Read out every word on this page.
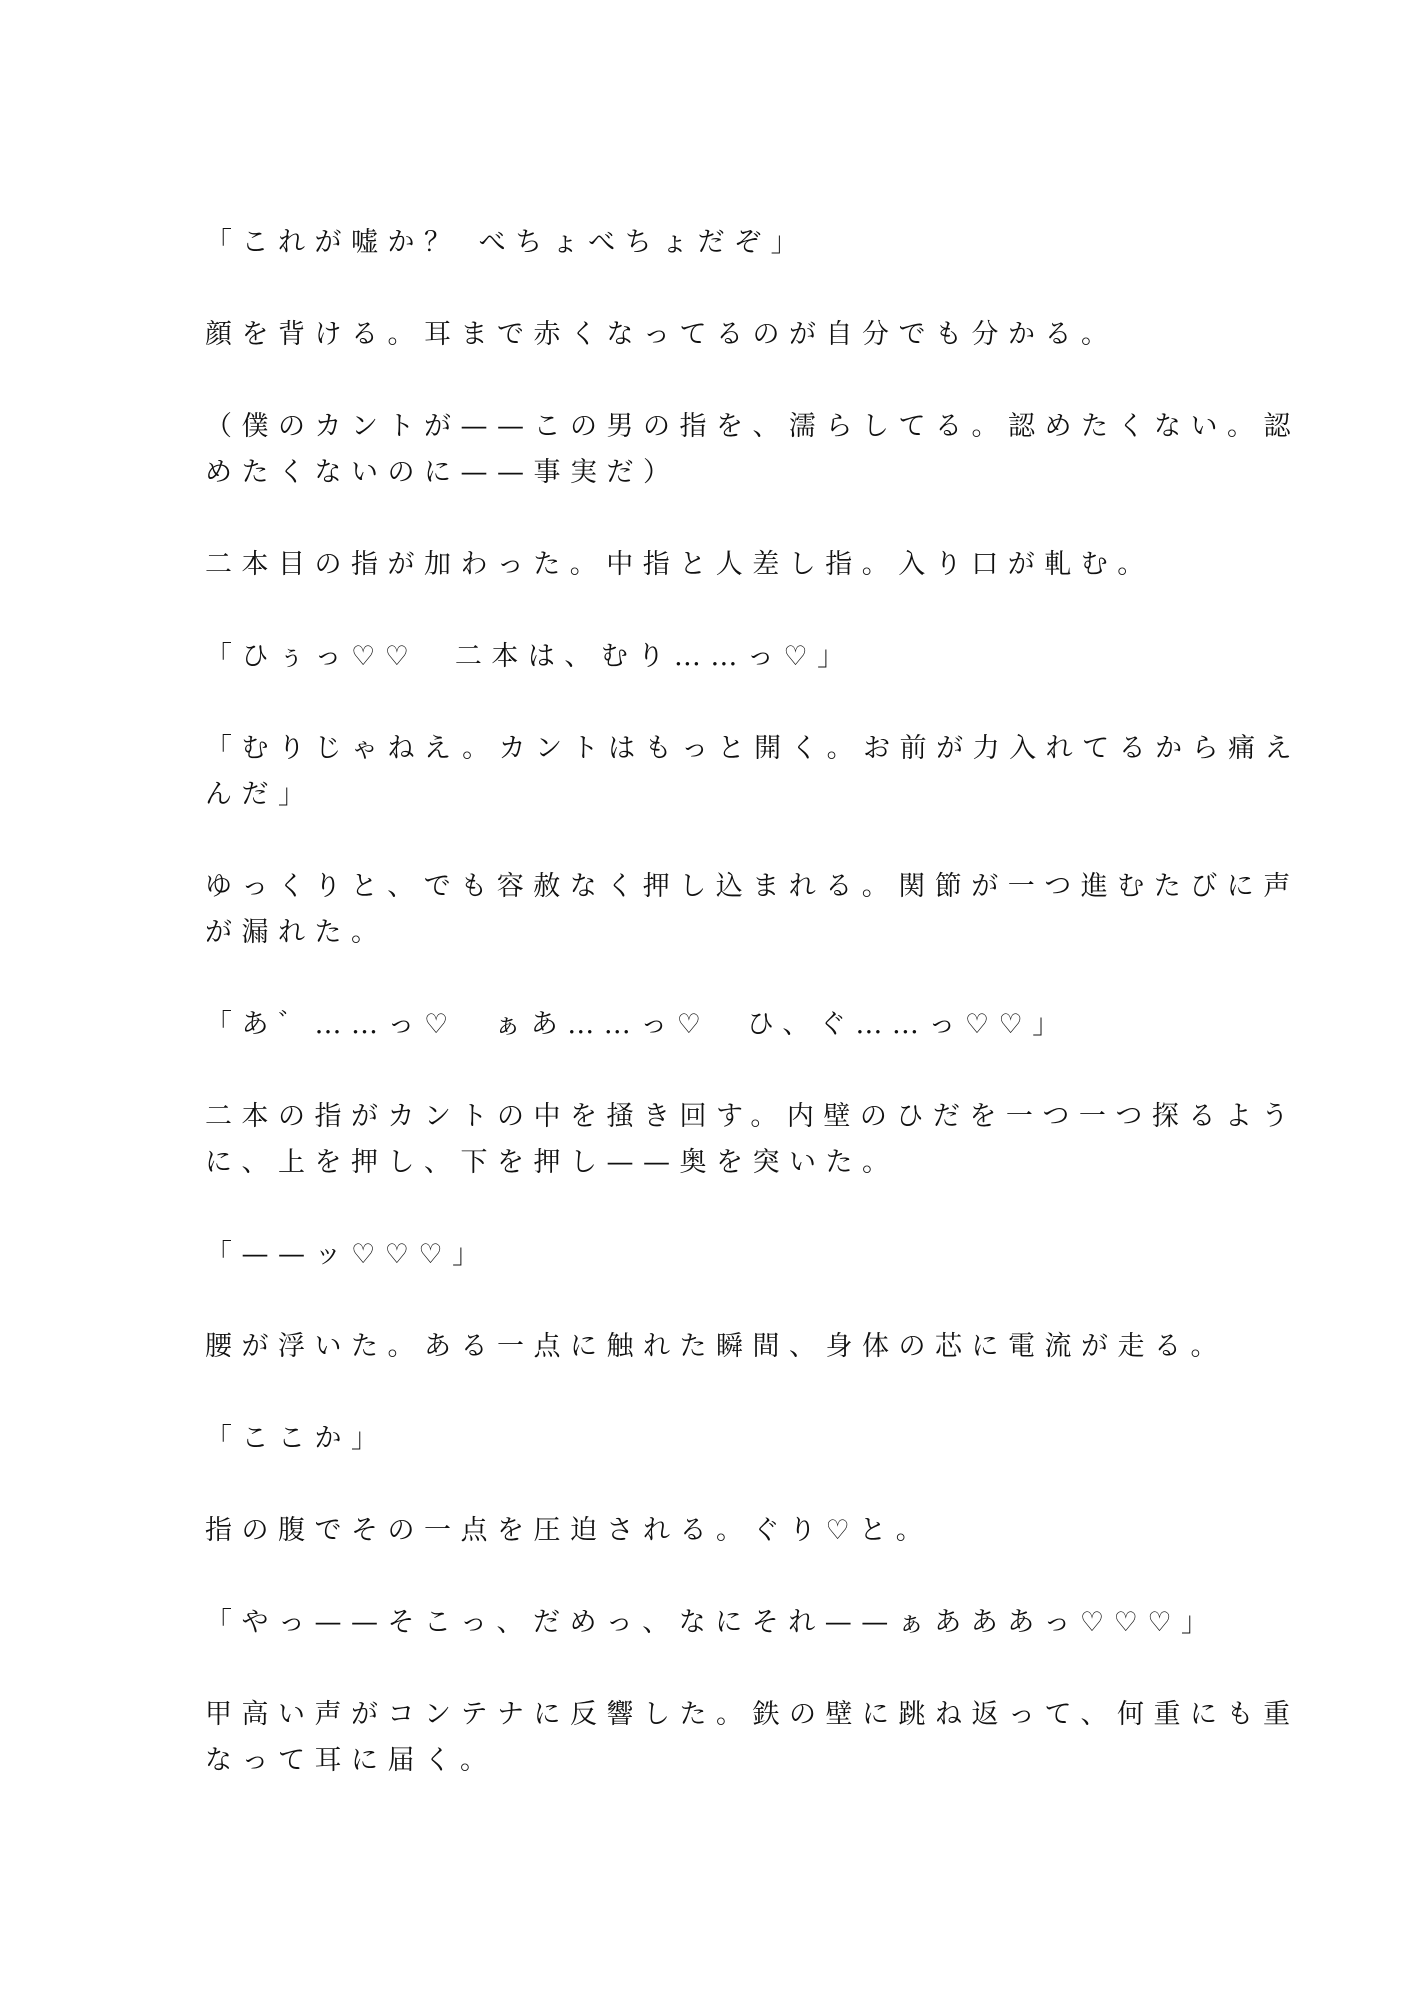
「これが嘘か？ べちょべちょだぞ」
顔を背ける。耳まで赤くなってるのが自分でも分かる。
（僕のカントが——この男の指を、濡らしてる。認めたくない。認
めたくないのに——事実だ）
二本目の指が加わった。中指と人差し指。入り口が軋む。
「ひぅっ♡♡　二本は、むり……っ♡」
「むりじゃねえ。カントはもっと開く。お前が力入れてるから痛え
んだ」
ゆっくりと、でも容赦なく押し込まれる。関節が一つ進むたびに声
が漏れた。
「あ゛……っ♡　ぁあ……っ♡　ひ、ぐ……っ♡♡」
二本の指がカントの中を掻き回す。内壁のひだを一つ一つ探るよう
に、上を押し、下を押し——奥を突いた。
「——ッ♡♡♡」
腰が浮いた。ある一点に触れた瞬間、身体の芯に電流が走る。
「ここか」
指の腹でその一点を圧迫される。ぐり♡と。
「やっ——そこっ、だめっ、なにそれ——ぁあああっ♡♡♡」
甲高い声がコンテナに反響した。鉄の壁に跳ね返って、何重にも重
なって耳に届く。
